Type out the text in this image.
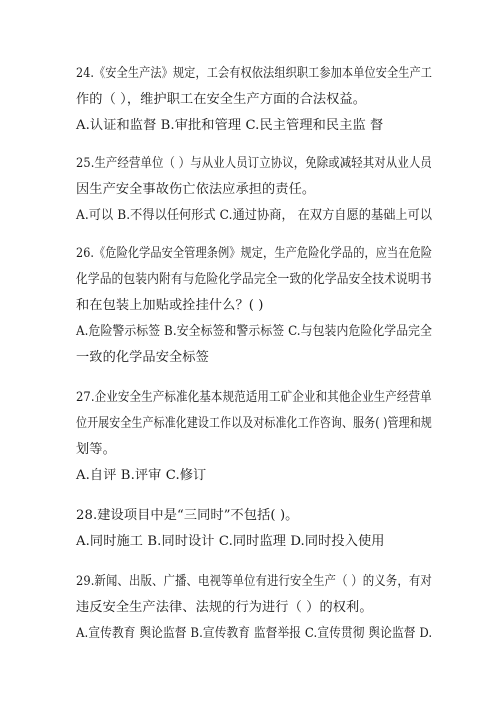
24.《安全生产法》规定，工会有权依法组织职工参加本单位安全生产工
作的（ ），维护职工在安全生产方面的合法权益。
A.认证和监督 B.审批和管理 C.民主管理和民主监 督
25.生产经营单位（ ）与从业人员订立协议，免除或减轻其对从业人员
因生产安全事故伤亡依法应承担的责任。
A.可以 B.不得以任何形式 C.通过协商， 在双方自愿的基础上可以
26.《危险化学品安全管理条例》规定，生产危险化学品的，应当在危险
化学品的包装内附有与危险化学品完全一致的化学品安全技术说明书
和在包装上加贴或拴挂什么？( )
A.危险警示标签 B.安全标签和警示标签 C.与包装内危险化学品完全
一致的化学品安全标签
27.企业安全生产标准化基本规范适用工矿企业和其他企业生产经营单
位开展安全生产标准化建设工作以及对标准化工作咨询、服务( )管理和规
划等。
A.自评 B.评审 C.修订
28.建设项目中是“三同时”不包括( )。
A.同时施工 B.同时设计 C.同时监理 D.同时投入使用
29.新闻、出版、广播、电视等单位有进行安全生产（ ）的义务，有对
违反安全生产法律、法规的行为进行（ ）的权利。
A.宣传教育 舆论监督 B.宣传教育 监督举报 C.宣传贯彻 舆论监督 D.
